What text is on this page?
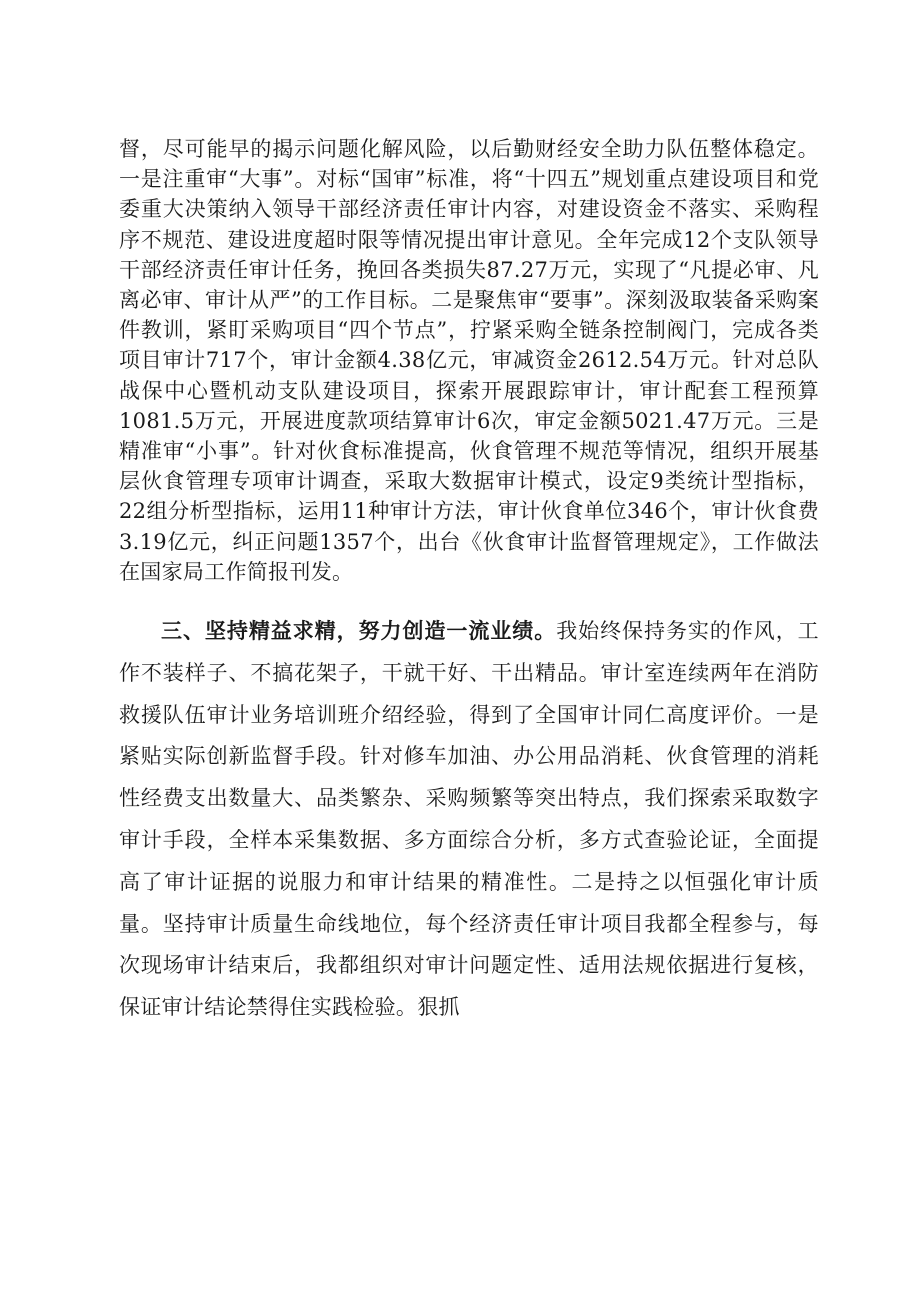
督，尽可能早的揭示问题化解风险，以后勤财经安全助力队伍整体稳定。一是注重审“大事”。对标“国审”标准，将“十四五”规划重点建设项目和党委重大决策纳入领导干部经济责任审计内容，对建设资金不落实、采购程序不规范、建设进度超时限等情况提出审计意见。全年完成12个支队领导干部经济责任审计任务，挽回各类损失87.27万元，实现了“凡提必审、凡离必审、审计从严”的工作目标。二是聚焦审“要事”。深刻汲取装备采购案件教训，紧盯采购项目“四个节点”，拧紧采购全链条控制阀门，完成各类项目审计717个，审计金额4.38亿元，审减资金2612.54万元。针对总队战保中心暨机动支队建设项目，探索开展跟踪审计，审计配套工程预算1081.5万元，开展进度款项结算审计6次，审定金额5021.47万元。三是精准审“小事”。针对伙食标准提高，伙食管理不规范等情况，组织开展基层伙食管理专项审计调查，采取大数据审计模式，设定9类统计型指标，22组分析型指标，运用11种审计方法，审计伙食单位346个，审计伙食费3.19亿元，纠正问题1357个，出台《伙食审计监督管理规定》，工作做法在国家局工作简报刊发。

三、坚持精益求精，努力创造一流业绩。我始终保持务实的作风，工作不装样子、不搞花架子，干就干好、干出精品。审计室连续两年在消防救援队伍审计业务培训班介绍经验，得到了全国审计同仁高度评价。一是紧贴实际创新监督手段。针对修车加油、办公用品消耗、伙食管理的消耗性经费支出数量大、品类繁杂、采购频繁等突出特点，我们探索采取数字审计手段，全样本采集数据、多方面综合分析，多方式查验论证，全面提高了审计证据的说服力和审计结果的精准性。二是持之以恒强化审计质量。坚持审计质量生命线地位，每个经济责任审计项目我都全程参与，每次现场审计结束后，我都组织对审计问题定性、适用法规依据进行复核，保证审计结论禁得住实践检验。狠抓
